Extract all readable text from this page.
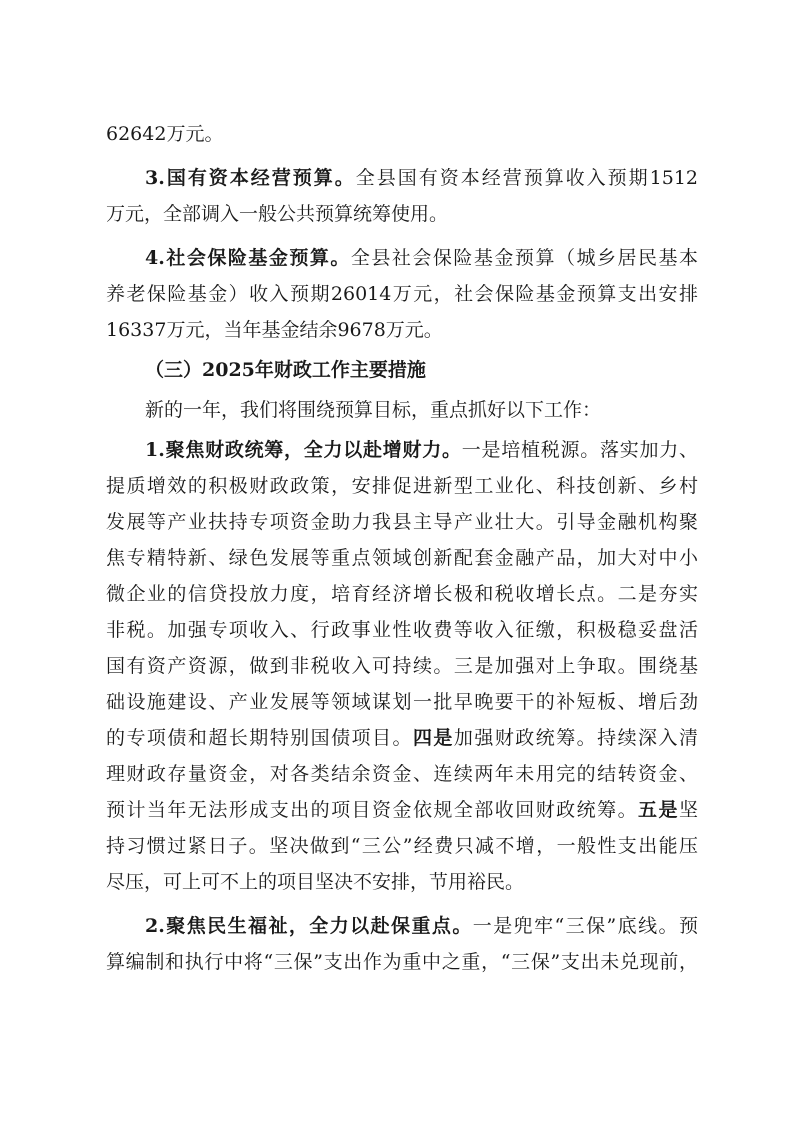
62642万元。
3.国有资本经营预算。全县国有资本经营预算收入预期1512
万元，全部调入一般公共预算统筹使用。
4.社会保险基金预算。全县社会保险基金预算（城乡居民基本
养老保险基金）收入预期26014万元，社会保险基金预算支出安排
16337万元，当年基金结余9678万元。
（三）2025年财政工作主要措施
新的一年，我们将围绕预算目标，重点抓好以下工作：
1.聚焦财政统筹，全力以赴增财力。一是培植税源。落实加力、
提质增效的积极财政政策，安排促进新型工业化、科技创新、乡村
发展等产业扶持专项资金助力我县主导产业壮大。引导金融机构聚
焦专精特新、绿色发展等重点领域创新配套金融产品，加大对中小
微企业的信贷投放力度，培育经济增长极和税收增长点。二是夯实
非税。加强专项收入、行政事业性收费等收入征缴，积极稳妥盘活
国有资产资源，做到非税收入可持续。三是加强对上争取。围绕基
础设施建设、产业发展等领域谋划一批早晚要干的补短板、增后劲
的专项债和超长期特别国债项目。四是加强财政统筹。持续深入清
理财政存量资金，对各类结余资金、连续两年未用完的结转资金、
预计当年无法形成支出的项目资金依规全部收回财政统筹。五是坚
持习惯过紧日子。坚决做到“三公”经费只减不增，一般性支出能压
尽压，可上可不上的项目坚决不安排，节用裕民。
2.聚焦民生福祉，全力以赴保重点。一是兜牢“三保”底线。预
算编制和执行中将“三保”支出作为重中之重，“三保”支出未兑现前，
